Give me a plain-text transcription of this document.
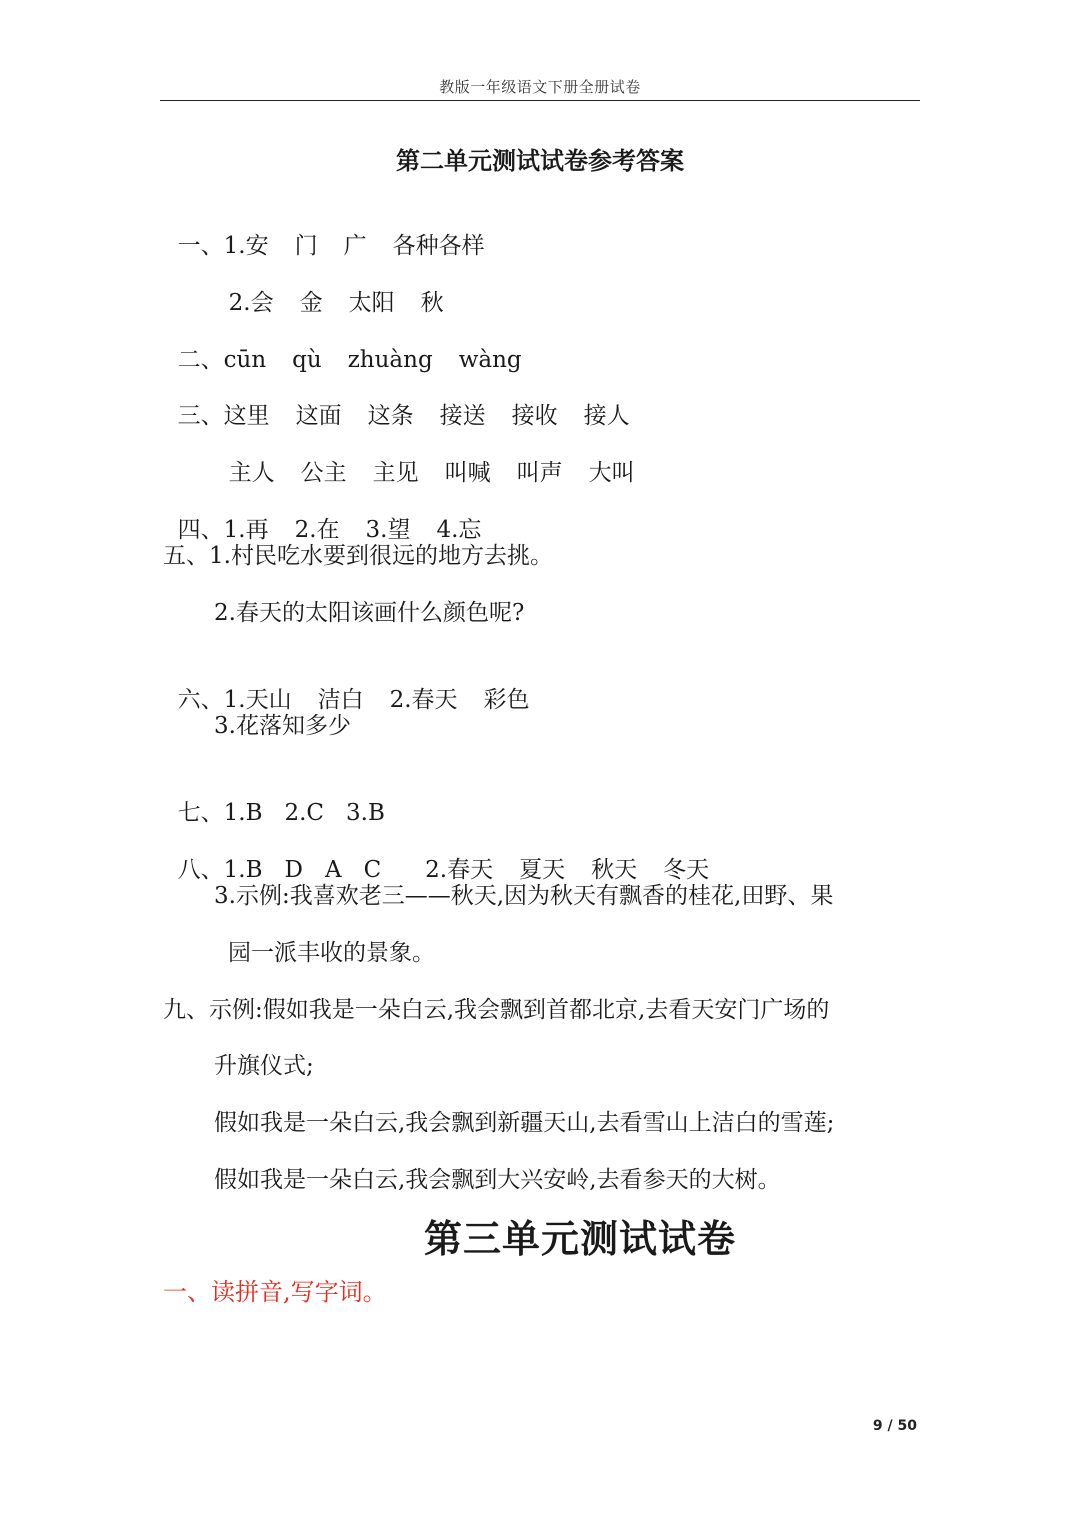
教版一年级语文下册全册试卷
第二单元测试试卷参考答案

一、1.安 门 广 各种各样

2.会 金 太阳 秋

二、cūn qù zhuàng wàng

三、这里 这面 这条 接送 接收 接人

主人 公主 主见 叫喊 叫声 大叫

四、1.再 2.在 3.望 4.忘

五、1.村民吃水要到很远的地方去挑。
2.春天的太阳该画什么颜色呢?

六、1.天山 洁白 2.春天 彩色

3.花落知多少

七、1.B 2.C 3.B

八、1.B D A C 2.春天 夏天 秋天 冬天

3.示例:我喜欢老三——秋天,因为秋天有飘香的桂花,田野、果
园一派丰收的景象。
九、示例:假如我是一朵白云,我会飘到首都北京,去看天安门广场的
升旗仪式;
假如我是一朵白云,我会飘到新疆天山,去看雪山上洁白的雪莲;
假如我是一朵白云,我会飘到大兴安岭,去看参天的大树。
第三单元测试试卷
一、读拼音,写字词。
9 / 50
